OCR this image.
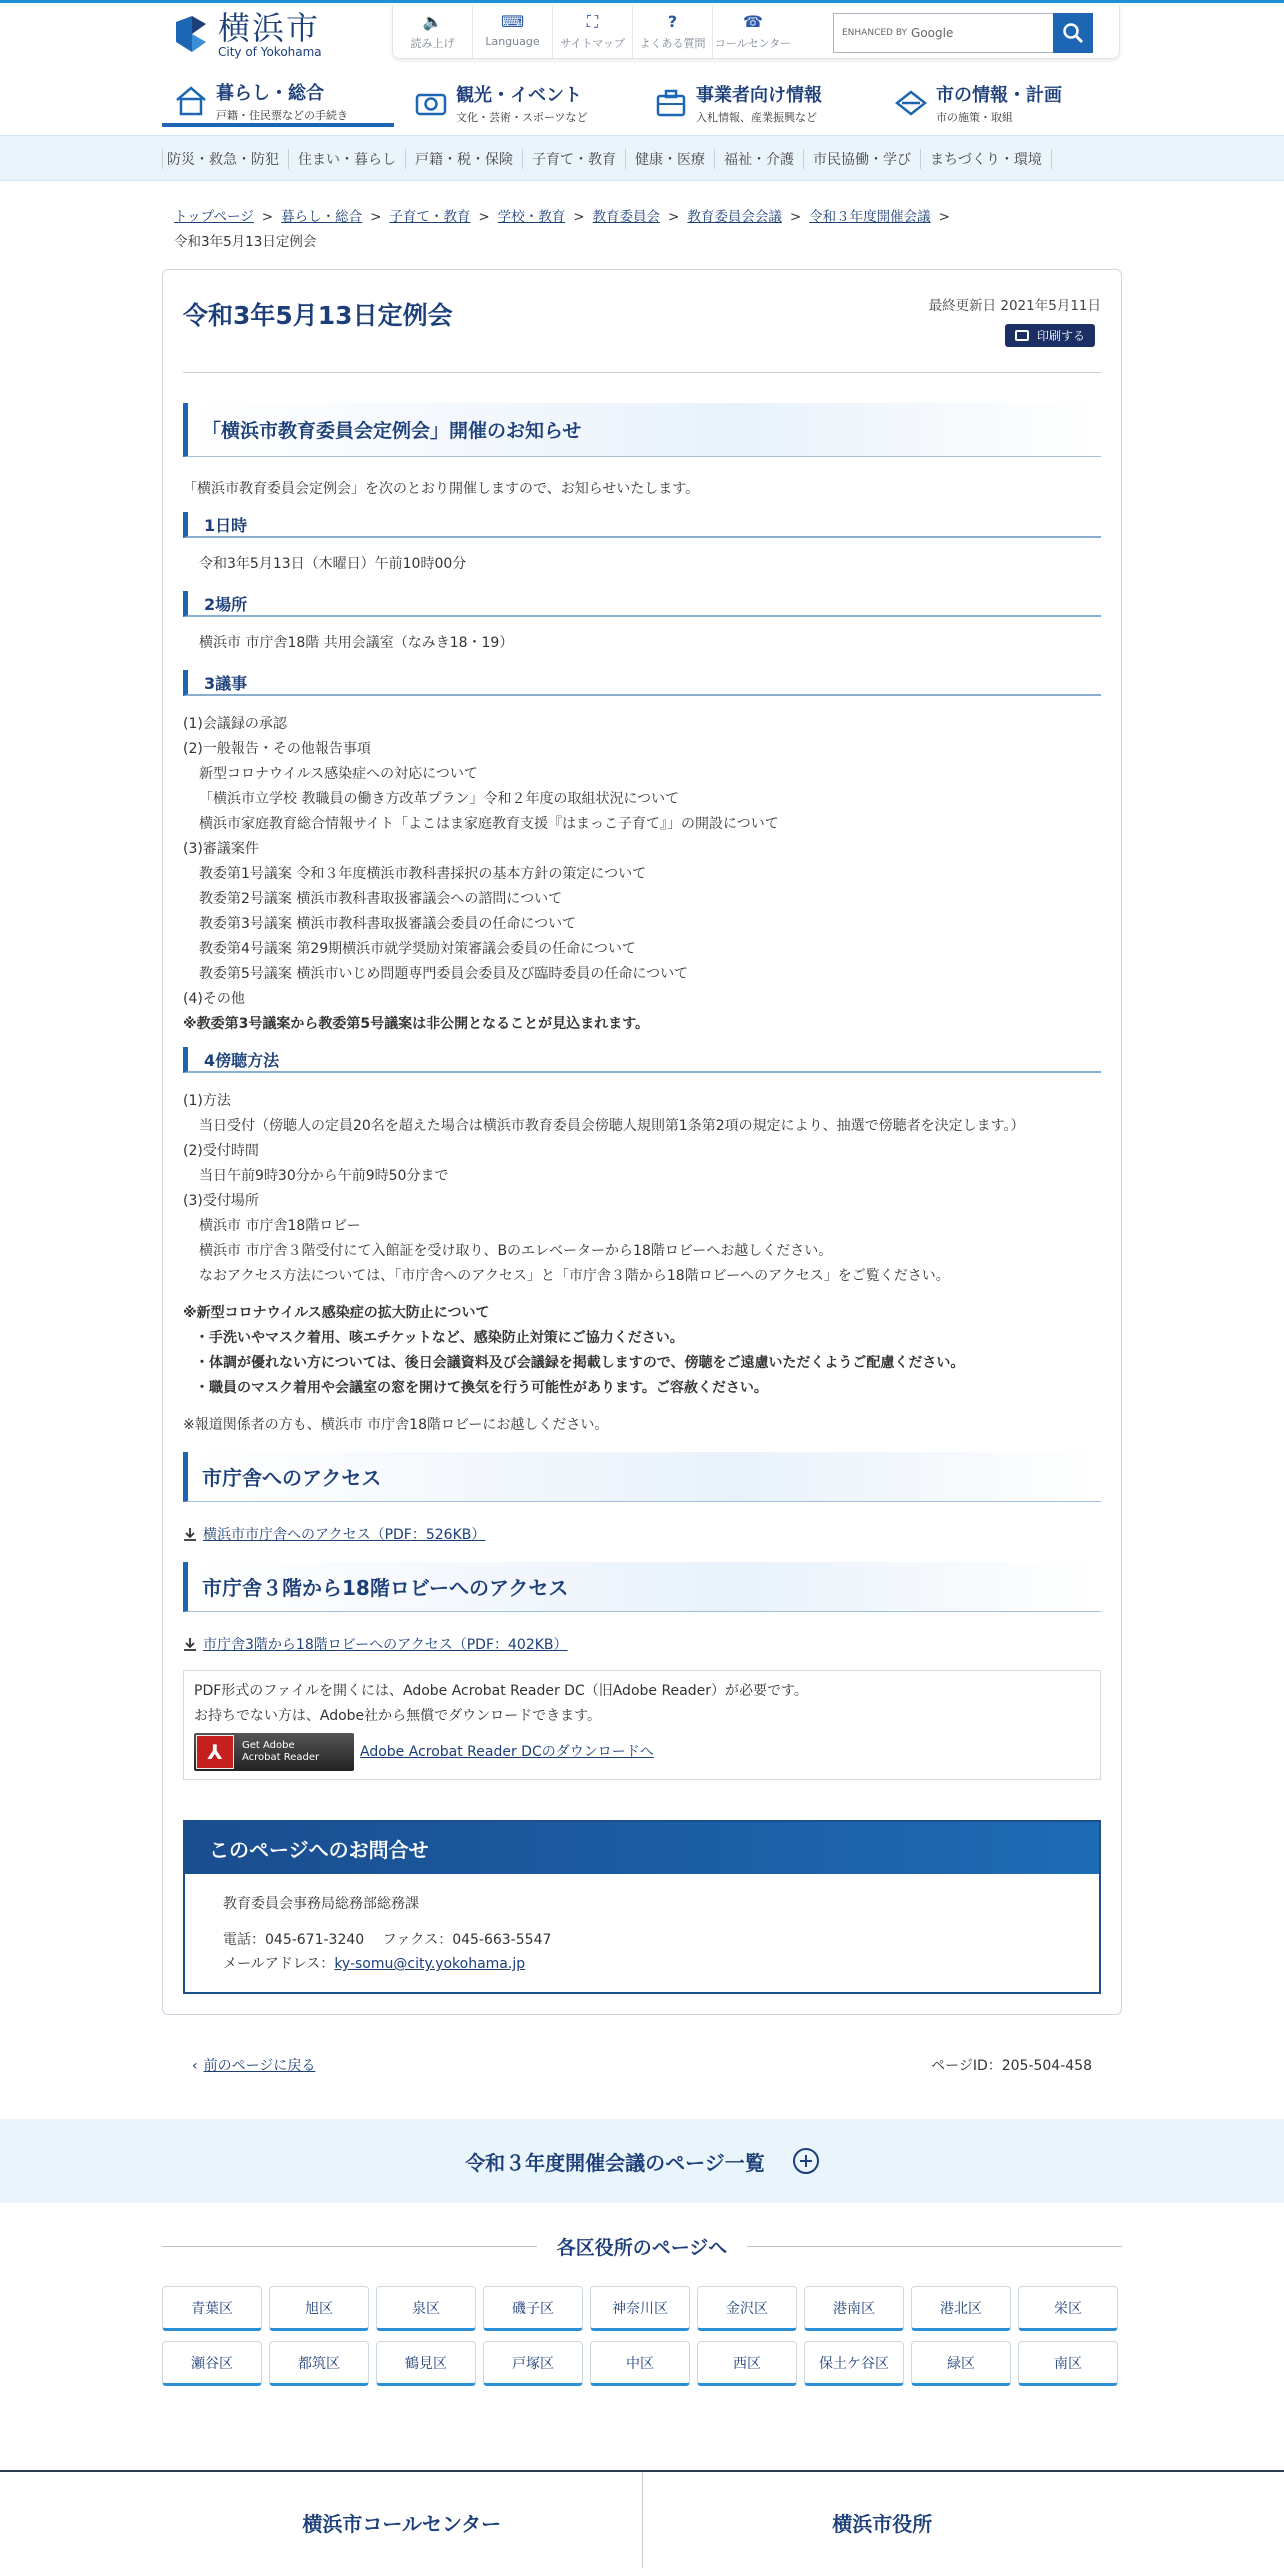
横浜市
City of Yokohama
🔈
読み上げ
⌨
Language
⛶
サイトマップ
?
よくある質問
☎
コールセンター
ENHANCED BY Google
暮らし・総合
戸籍・住民票などの手続き
観光・イベント
文化・芸術・スポーツなど
事業者向け情報
入札情報、産業振興など
市の情報・計画
市の施策・取組
防災・救急・防犯	住まい・暮らし	戸籍・税・保険	子育て・教育	健康・医療	福祉・介護	市民協働・学び	まちづくり・環境
トップページ > 暮らし・総合 > 子育て・教育 > 学校・教育 > 教育委員会 > 教育委員会会議 > 令和３年度開催会議 >
令和3年5月13日定例会
令和3年5月13日定例会	最終更新日 2021年5月11日
印刷する
「横浜市教育委員会定例会」開催のお知らせ

「横浜市教育委員会定例会」を次のとおり開催しますので、お知らせいたします。

1日時

令和3年5月13日（木曜日）午前10時00分

2場所

横浜市 市庁舎18階 共用会議室（なみき18・19）

3議事

(1)会議録の承認

(2)一般報告・その他報告事項

新型コロナウイルス感染症への対応について

「横浜市立学校 教職員の働き方改革プラン」令和２年度の取組状況について

横浜市家庭教育総合情報サイト「よこはま家庭教育支援『はまっこ子育て』」の開設について

(3)審議案件

教委第1号議案 令和３年度横浜市教科書採択の基本方針の策定について

教委第2号議案 横浜市教科書取扱審議会への諮問について

教委第3号議案 横浜市教科書取扱審議会委員の任命について

教委第4号議案 第29期横浜市就学奨励対策審議会委員の任命について

教委第5号議案 横浜市いじめ問題専門委員会委員及び臨時委員の任命について

(4)その他

※教委第3号議案から教委第5号議案は非公開となることが見込まれます。

4傍聴方法

(1)方法

当日受付（傍聴人の定員20名を超えた場合は横浜市教育委員会傍聴人規則第1条第2項の規定により、抽選で傍聴者を決定します。）

(2)受付時間

当日午前9時30分から午前9時50分まで

(3)受付場所

横浜市 市庁舎18階ロビー

横浜市 市庁舎３階受付にて入館証を受け取り、Bのエレベーターから18階ロビーへお越しください。

なおアクセス方法については、「市庁舎へのアクセス」と「市庁舎３階から18階ロビーへのアクセス」をご覧ください。

※新型コロナウイルス感染症の拡大防止について

・手洗いやマスク着用、咳エチケットなど、感染防止対策にご協力ください。

・体調が優れない方については、後日会議資料及び会議録を掲載しますので、傍聴をご遠慮いただくようご配慮ください。

・職員のマスク着用や会議室の窓を開けて換気を行う可能性があります。ご容赦ください。

※報道関係者の方も、横浜市 市庁舎18階ロビーにお越しください。

市庁舎へのアクセス
横浜市市庁舎へのアクセス（PDF：526KB）
市庁舎３階から18階ロビーへのアクセス
市庁舎3階から18階ロビーへのアクセス（PDF：402KB）

PDF形式のファイルを開くには、Adobe Acrobat Reader DC（旧Adobe Reader）が必要です。

お持ちでない方は、Adobe社から無償でダウンロードできます。

⅄	Get Adobe
Acrobat Reader	Adobe Acrobat Reader DCのダウンロードへ
このページへのお問合せ

教育委員会事務局総務部総務課

電話：045-671-3240　 ファクス：045-663-5547

メールアドレス：ky-somu@city.yokohama.jp

‹ 前のページに戻る	ページID：205-504-458
令和３年度開催会議のページ一覧
各区役所のページへ
青葉区	旭区	泉区	磯子区	神奈川区	金沢区	港南区	港北区	栄区
瀬谷区	都筑区	鶴見区	戸塚区	中区	西区	保土ケ谷区	緑区	南区
横浜市コールセンター	横浜市役所
